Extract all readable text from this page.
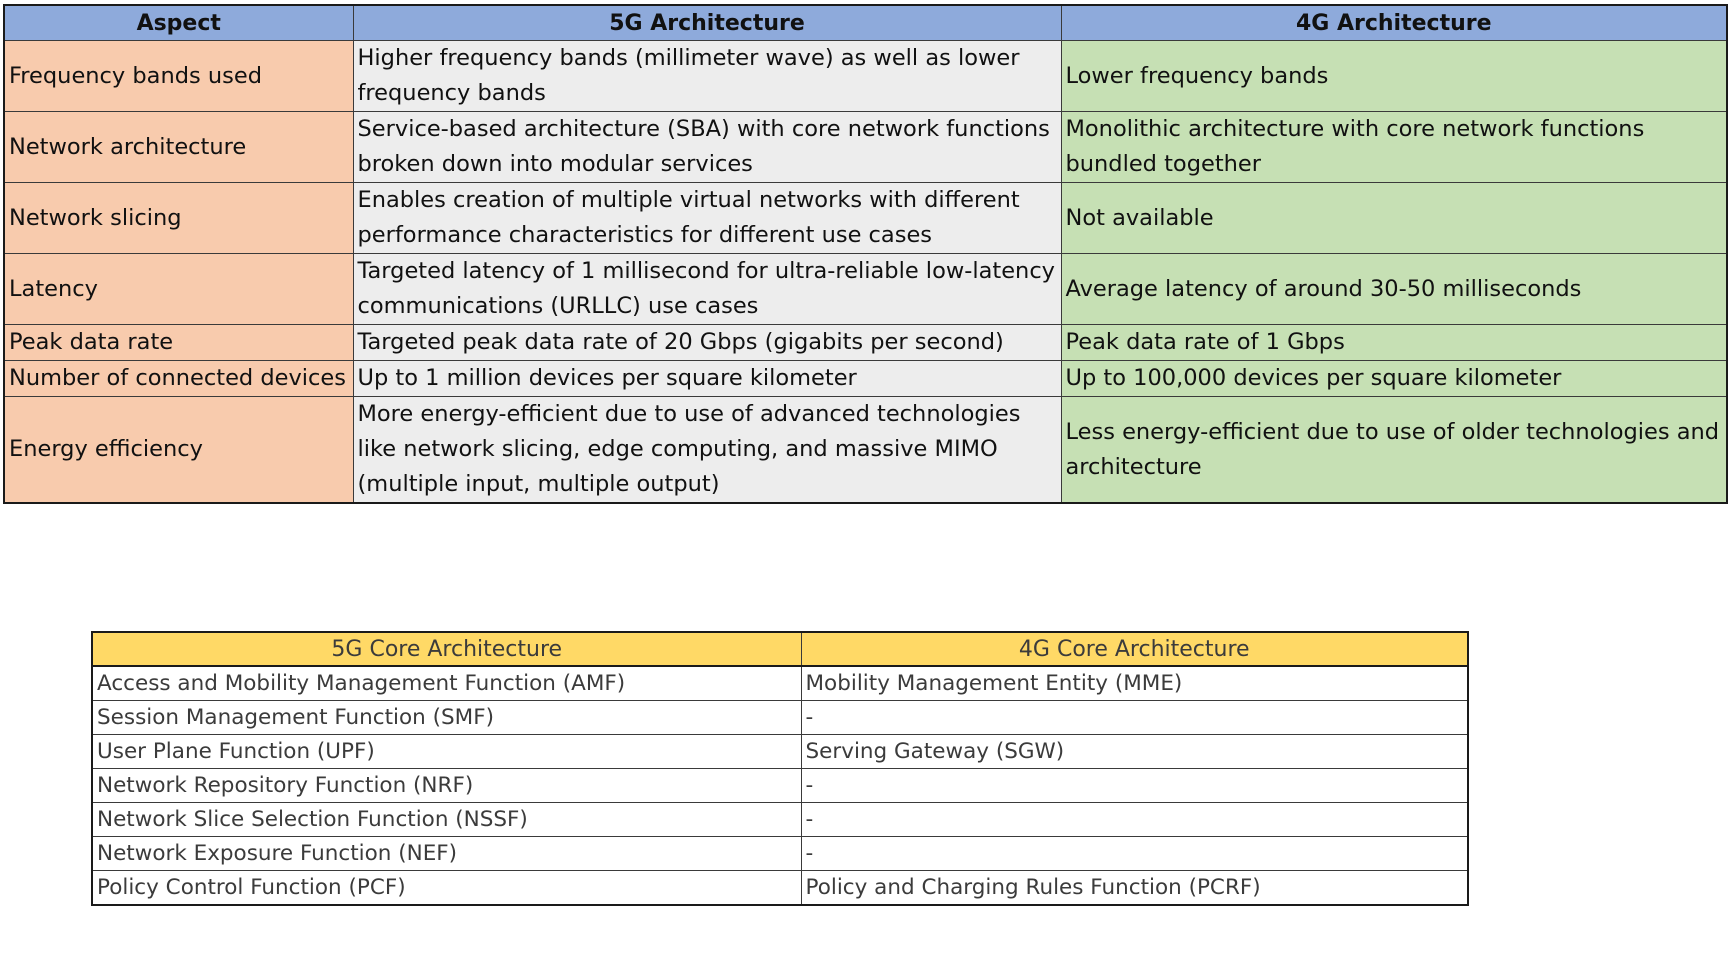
Aspect	5G Architecture	4G Architecture
Frequency bands used	Higher frequency bands (millimeter wave) as well as lower frequency bands	Lower frequency bands
Network architecture	Service-based architecture (SBA) with core network functions broken down into modular services	Monolithic architecture with core network functions bundled together
Network slicing	Enables creation of multiple virtual networks with different performance characteristics for different use cases	Not available
Latency	Targeted latency of 1 millisecond for ultra-reliable low-latency communications (URLLC) use cases	Average latency of around 30-50 milliseconds
Peak data rate	Targeted peak data rate of 20 Gbps (gigabits per second)	Peak data rate of 1 Gbps
Number of connected devices	Up to 1 million devices per square kilometer	Up to 100,000 devices per square kilometer
Energy efficiency	More energy-efficient due to use of advanced technologies like network slicing, edge computing, and massive MIMO (multiple input, multiple output)	Less energy-efficient due to use of older technologies and architecture
5G Core Architecture	4G Core Architecture
Access and Mobility Management Function (AMF)	Mobility Management Entity (MME)
Session Management Function (SMF)	-
User Plane Function (UPF)	Serving Gateway (SGW)
Network Repository Function (NRF)	-
Network Slice Selection Function (NSSF)	-
Network Exposure Function (NEF)	-
Policy Control Function (PCF)	Policy and Charging Rules Function (PCRF)
